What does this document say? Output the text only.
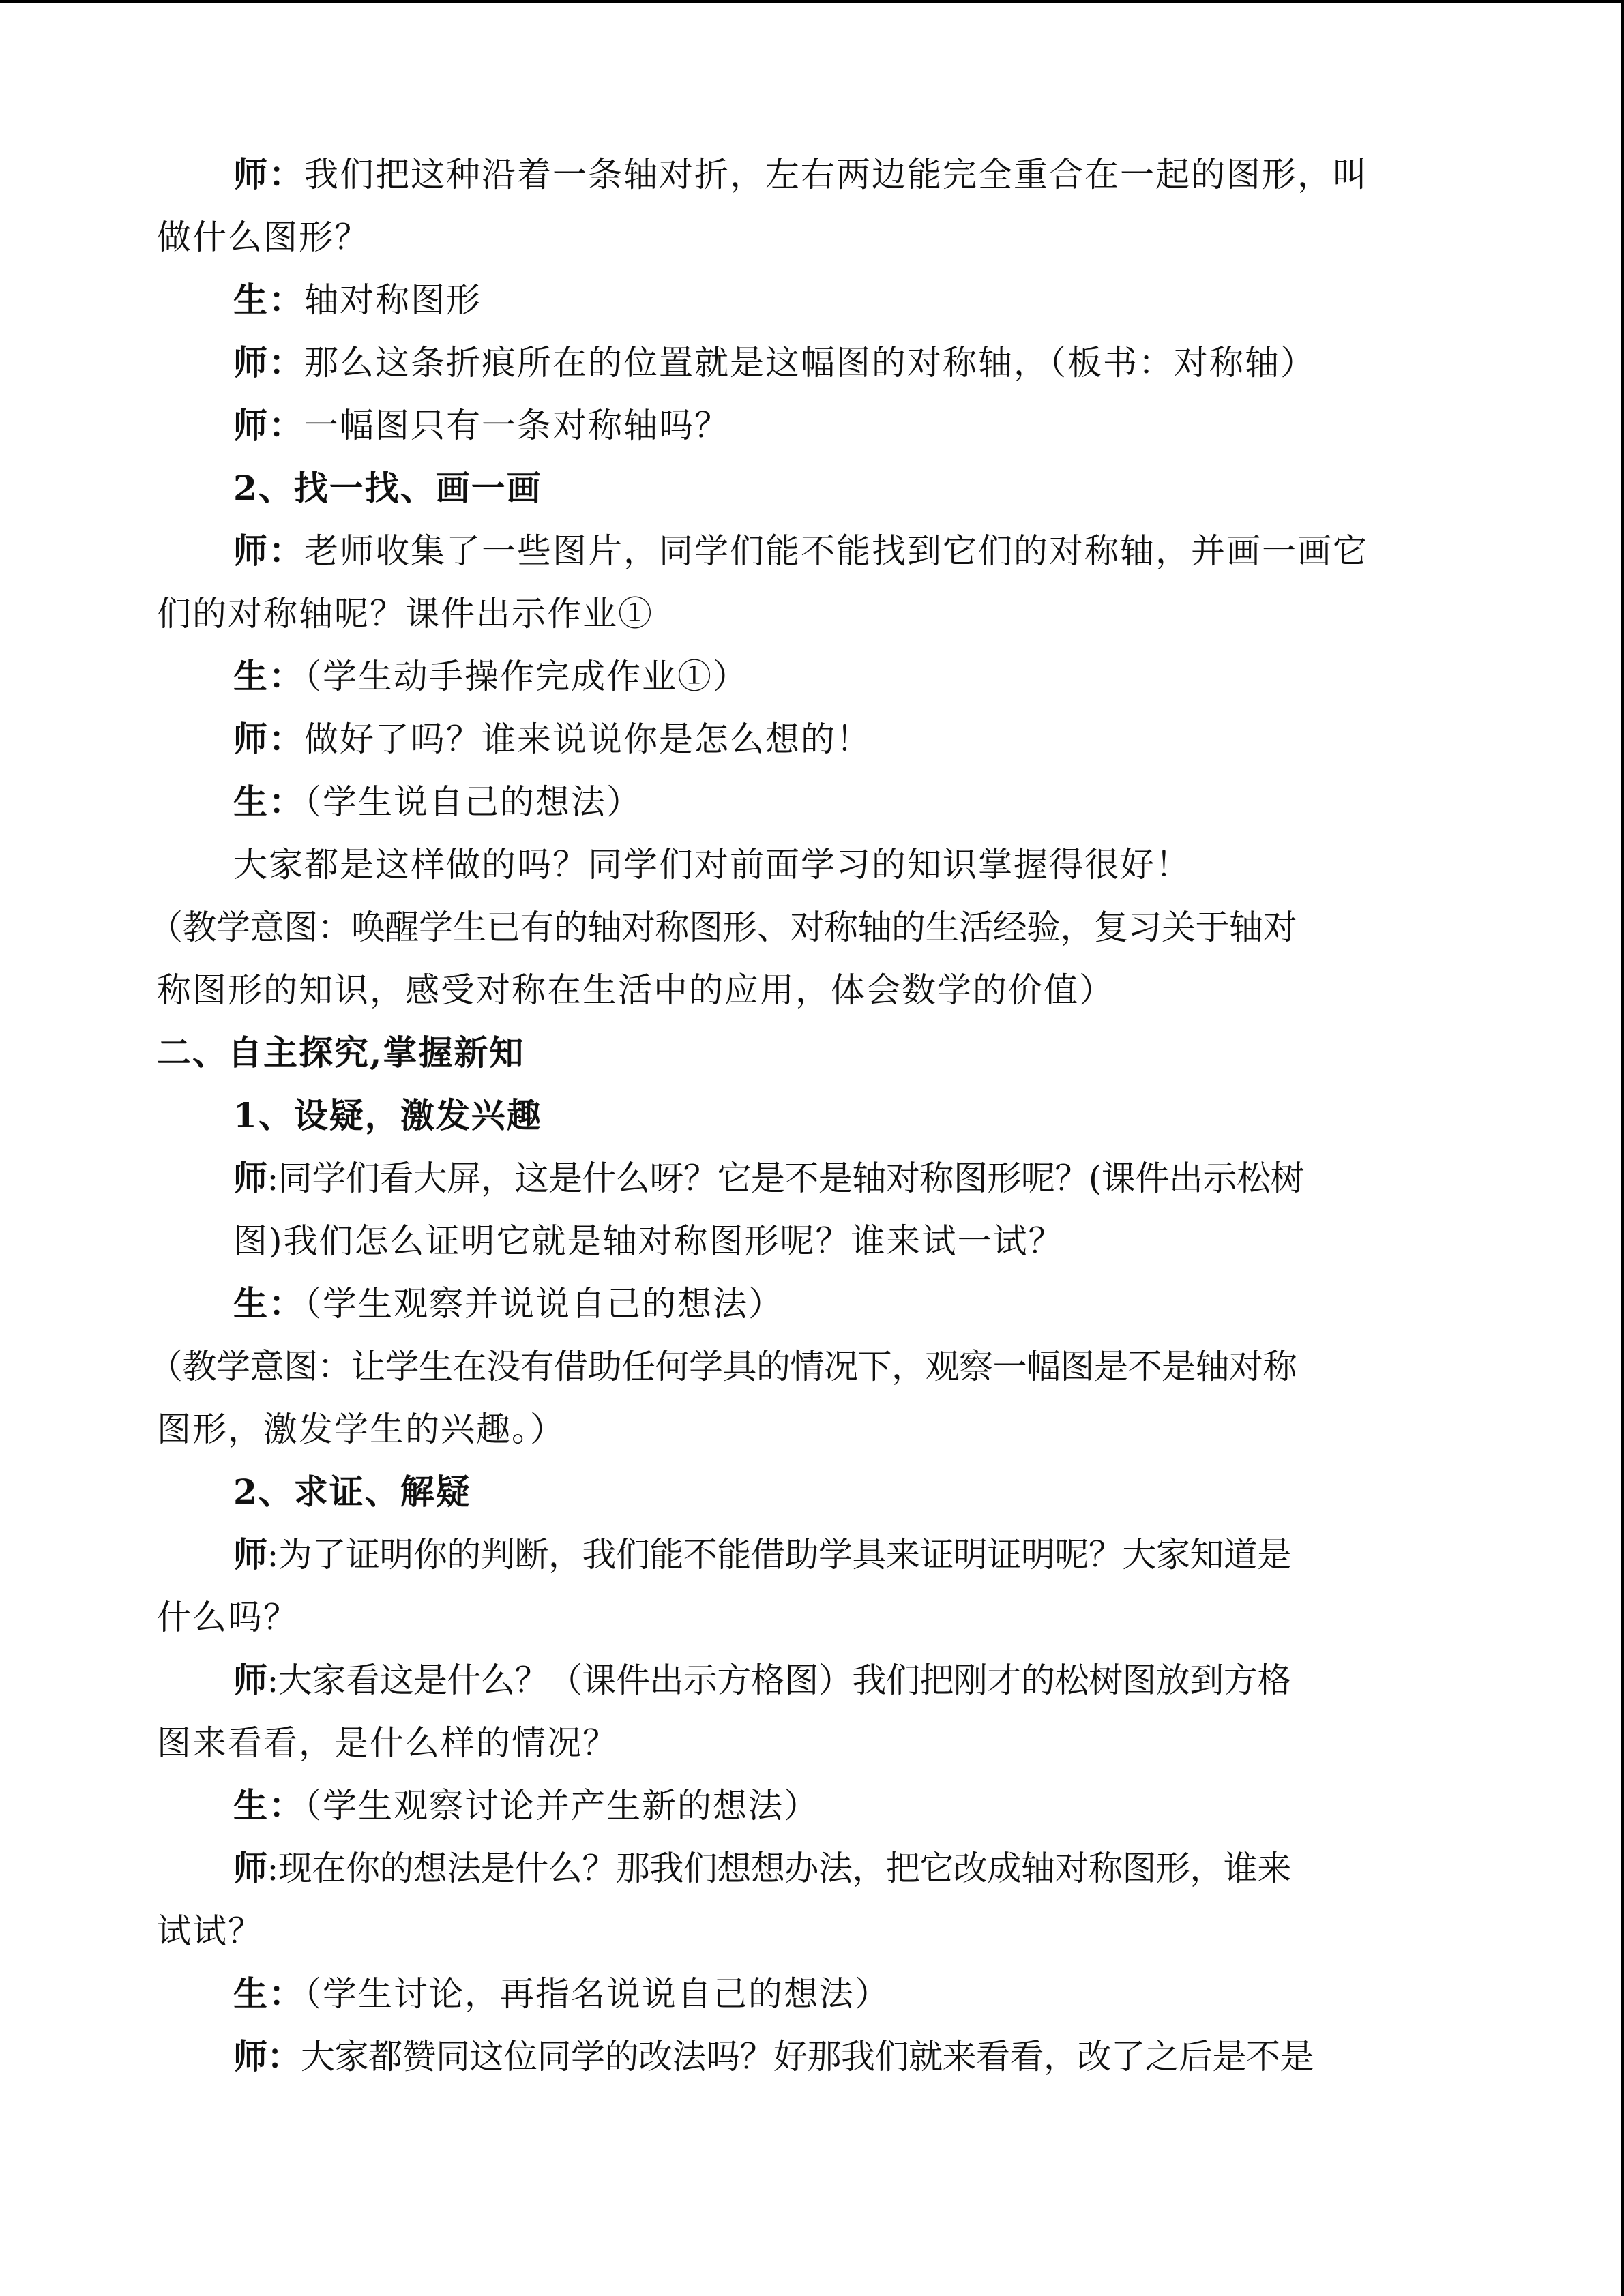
师：我们把这种沿着一条轴对折，左右两边能完全重合在一起的图形，叫
做什么图形？
生：轴对称图形
师：那么这条折痕所在的位置就是这幅图的对称轴，（板书：对称轴）
师：一幅图只有一条对称轴吗？
2、找一找、画一画
师：老师收集了一些图片，同学们能不能找到它们的对称轴，并画一画它
们的对称轴呢？课件出示作业①
生：（学生动手操作完成作业①）
师：做好了吗？谁来说说你是怎么想的！
生：（学生说自己的想法）
大家都是这样做的吗？同学们对前面学习的知识掌握得很好！
（教学意图：唤醒学生已有的轴对称图形、对称轴的生活经验，复习关于轴对
称图形的知识，感受对称在生活中的应用，体会数学的价值）
二、自主探究,掌握新知
1、设疑，激发兴趣
师:同学们看大屏，这是什么呀？它是不是轴对称图形呢？(课件出示松树
图)我们怎么证明它就是轴对称图形呢？谁来试一试？
生：（学生观察并说说自己的想法）
（教学意图：让学生在没有借助任何学具的情况下，观察一幅图是不是轴对称
图形，激发学生的兴趣。）
2、求证、解疑
师:为了证明你的判断，我们能不能借助学具来证明证明呢？大家知道是
什么吗？
师:大家看这是什么？（课件出示方格图）我们把刚才的松树图放到方格
图来看看，是什么样的情况？
生：（学生观察讨论并产生新的想法）
师:现在你的想法是什么？那我们想想办法，把它改成轴对称图形，谁来
试试？
生：（学生讨论，再指名说说自己的想法）
师：大家都赞同这位同学的改法吗？好那我们就来看看，改了之后是不是
